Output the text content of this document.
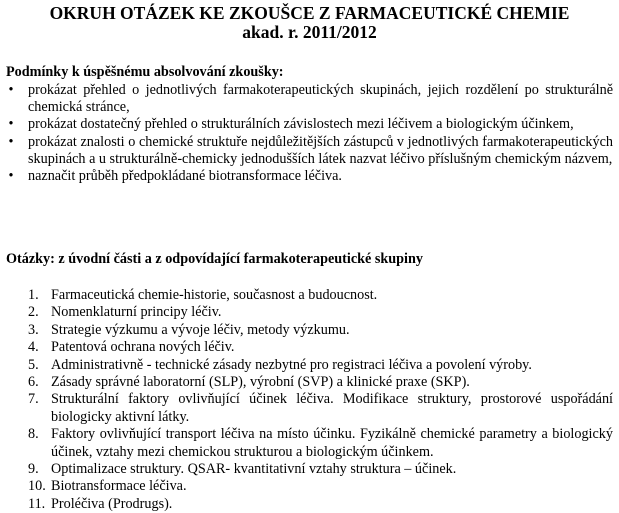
OKRUH OTÁZEK KE ZKOUŠCE Z FARMACEUTICKÉ CHEMIE
akad. r. 2011/2012

Podmínky k úspěšnému absolvování zkoušky:

•	prokázat přehled o jednotlivých farmakoterapeutických skupinách, jejich rozdělení po strukturálně chemická stránce,
•	prokázat dostatečný přehled o strukturálních závislostech mezi léčivem a biologickým účinkem,
•	prokázat znalosti o chemické struktuře nejdůležitějších zástupců v jednotlivých farmakoterapeutických skupinách a u strukturálně-chemicky jednodušších látek nazvat léčivo příslušným chemickým názvem,
•	naznačit průběh předpokládané biotransformace léčiva.

Otázky: z úvodní části a z odpovídající farmakoterapeutické skupiny

1. Farmaceutická chemie-historie, současnost a budoucnost.
2. Nomenklaturní principy léčiv.
3. Strategie výzkumu a vývoje léčiv, metody výzkumu.
4. Patentová ochrana nových léčiv.
5. Administrativně - technické zásady nezbytné pro registraci léčiva a povolení výroby.
6. Zásady správné laboratorní (SLP), výrobní (SVP) a klinické praxe (SKP).
7. Strukturální faktory ovlivňující účinek léčiva. Modifikace struktury, prostorové uspořádání biologicky aktivní látky.
8. Faktory ovlivňující transport léčiva na místo účinku. Fyzikálně chemické parametry a biologický účinek, vztahy mezi chemickou strukturou a biologickým účinkem.
9. Optimalizace struktury. QSAR- kvantitativní vztahy struktura – účinek.
10. Biotransformace léčiva.
11. Proléčiva (Prodrugs).
